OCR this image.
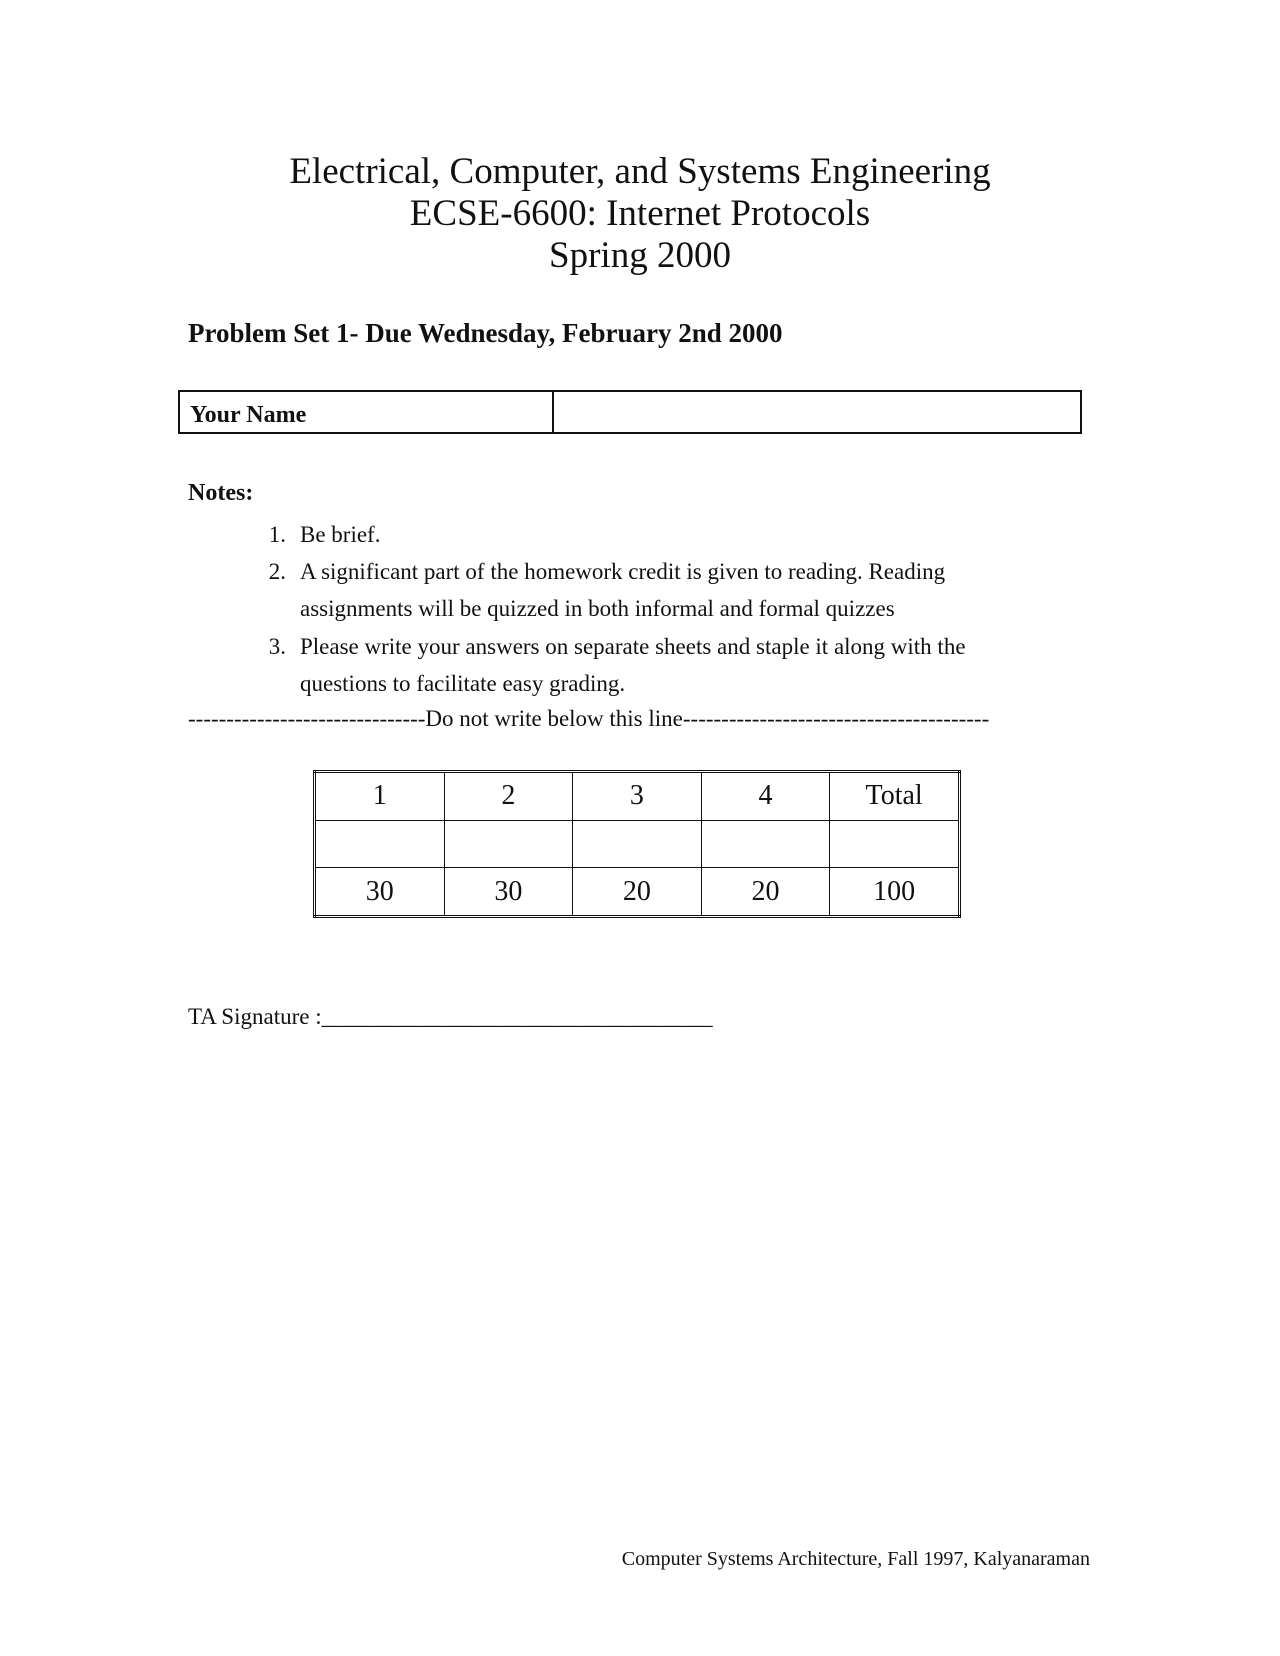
Electrical, Computer, and Systems Engineering
ECSE-6600: Internet Protocols
Spring 2000
Problem Set 1- Due Wednesday, February 2nd 2000
Your Name
Notes:
1. Be brief.
2. A significant part of the homework credit is given to reading. Reading assignments will be quizzed in both informal and formal quizzes
3. Please write your answers on separate sheets and staple it along with the questions to facilitate easy grading.
-------------------------------Do not write below this line----------------------------------------
1	2	3	4	Total

30	30	20	20	100
TA Signature :__________________________________
Computer Systems Architecture, Fall 1997, Kalyanaraman
